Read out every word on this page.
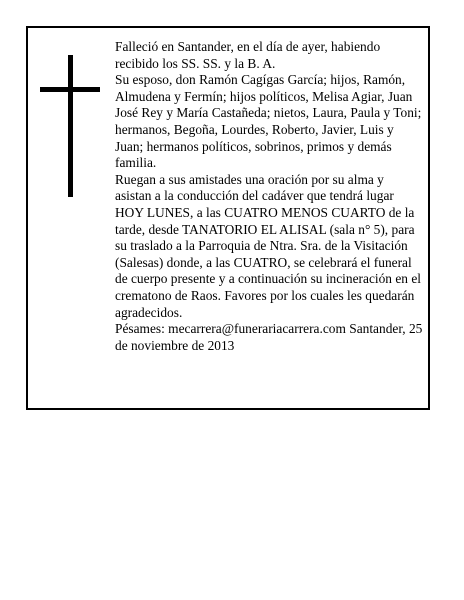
Falleció en Santander, en el día de ayer, habiendo recibido los SS. SS. y la B. A.

Su esposo, don Ramón Cagígas García; hijos, Ramón, Almudena y Fermín; hijos políticos, Melisa Agiar, Juan José Rey y María Castañeda; nietos, Laura, Paula y Toni; hermanos, Begoña, Lourdes, Roberto, Javier, Luis y Juan; hermanos políticos, sobrinos, primos y demás familia.

Ruegan a sus amistades una oración por su alma y asistan a la conducción del cadáver que tendrá lugar HOY LUNES, a las CUATRO MENOS CUARTO de la tarde, desde TANATORIO EL ALISAL (sala n° 5), para su traslado a la Parroquia de Ntra. Sra. de la Visitación (Salesas) donde, a las CUATRO, se celebrará el funeral de cuerpo presente y a continuación su incineración en el crematono de Raos. Favores por los cuales les quedarán agradecidos.

Pésames: mecarrera@funerariacarrera.com Santander, 25 de noviembre de 2013
